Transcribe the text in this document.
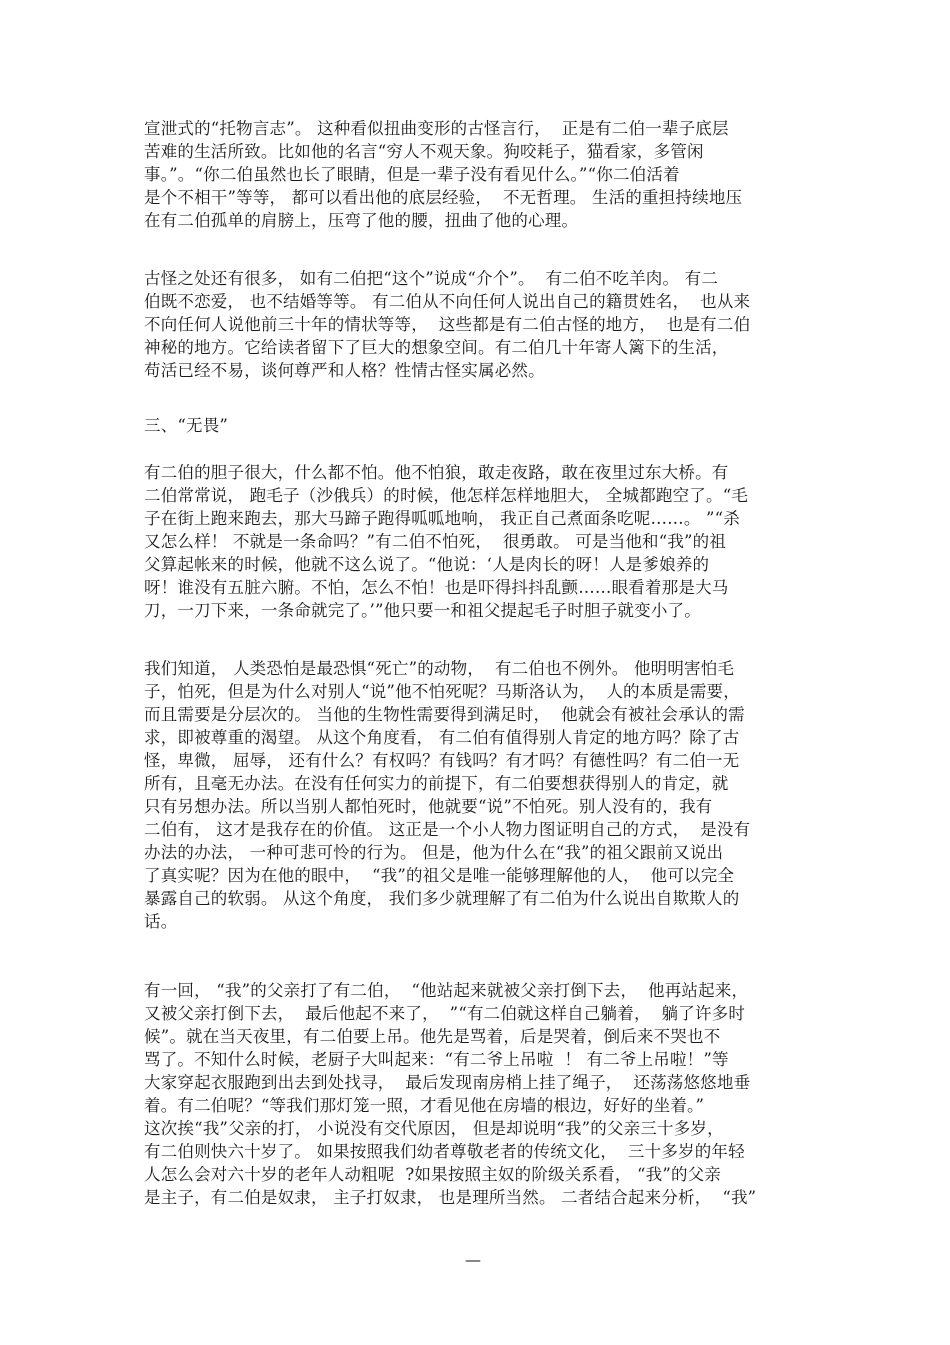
宣泄式的“托物言志”。 这种看似扭曲变形的古怪言行，  正是有二伯一辈子底层
苦难的生活所致。比如他的名言“穷人不观天象。狗咬耗子，猫看家，多管闲
事。”。“你二伯虽然也长了眼睛，但是一辈子没有看见什么。”“你二伯活着
是个不相干”等等， 都可以看出他的底层经验，  不无哲理。 生活的重担持续地压
在有二伯孤单的肩膀上，压弯了他的腰，扭曲了他的心理。
古怪之处还有很多， 如有二伯把“这个”说成“介个”。  有二伯不吃羊肉。 有二
伯既不恋爱， 也不结婚等等。 有二伯从不向任何人说出自己的籍贯姓名，  也从来
不向任何人说他前三十年的情状等等，  这些都是有二伯古怪的地方，  也是有二伯
神秘的地方。它给读者留下了巨大的想象空间。有二伯几十年寄人篱下的生活，
苟活已经不易，谈何尊严和人格？性情古怪实属必然。
三、“无畏”
有二伯的胆子很大，什么都不怕。他不怕狼，敢走夜路，敢在夜里过东大桥。有
二伯常常说， 跑毛子（沙俄兵）的时候，他怎样怎样地胆大， 全城都跑空了。“毛
子在街上跑来跑去，那大马蹄子跑得呱呱地响， 我正自己煮面条吃呢……。 ”“杀
又怎么样！ 不就是一条命吗？”有二伯不怕死，  很勇敢。 可是当他和“我”的祖
父算起帐来的时候，他就不这么说了。“他说：‘人是肉长的呀！人是爹娘养的
呀！谁没有五脏六腑。不怕，怎么不怕！也是吓得抖抖乱颤……眼看着那是大马
刀，一刀下来，一条命就完了。’”他只要一和祖父提起毛子时胆子就变小了。
我们知道， 人类恐怕是最恐惧“死亡”的动物，  有二伯也不例外。 他明明害怕毛
子，怕死，但是为什么对别人“说”他不怕死呢？马斯洛认为，  人的本质是需要，
而且需要是分层次的。 当他的生物性需要得到满足时，  他就会有被社会承认的需
求，即被尊重的渴望。 从这个角度看， 有二伯有值得别人肯定的地方吗？除了古
怪，卑微， 屈辱， 还有什么？有权吗？有钱吗？有才吗？有德性吗？有二伯一无
所有，且毫无办法。在没有任何实力的前提下，有二伯要想获得别人的肯定，就
只有另想办法。所以当别人都怕死时，他就要“说”不怕死。别人没有的，我有
二伯有， 这才是我存在的价值。 这正是一个小人物力图证明自己的方式，  是没有
办法的办法， 一种可悲可怜的行为。 但是，他为什么在“我”的祖父跟前又说出
了真实呢？因为在他的眼中，  “我”的祖父是唯一能够理解他的人，  他可以完全
暴露自己的软弱。 从这个角度， 我们多少就理解了有二伯为什么说出自欺欺人的
话。
有一回， “我”的父亲打了有二伯，  “他站起来就被父亲打倒下去，  他再站起来，
又被父亲打倒下去，  最后他起不来了，  ”“有二伯就这样自己躺着，  躺了许多时
候”。就在当天夜里，有二伯要上吊。他先是骂着，后是哭着，倒后来不哭也不
骂了。不知什么时候，老厨子大叫起来：“有二爷上吊啦  ！ 有二爷上吊啦！”等
大家穿起衣服跑到出去到处找寻，  最后发现南房梢上挂了绳子，  还荡荡悠悠地垂
着。有二伯呢？“等我们那灯笼一照，才看见他在房墙的根边，好好的坐着。”
这次挨“我”父亲的打， 小说没有交代原因， 但是却说明“我”的父亲三十多岁，
有二伯则快六十岁了。 如果按照我们幼者尊敬老者的传统文化，  三十多岁的年轻
人怎么会对六十岁的老年人动粗呢  ?如果按照主奴的阶级关系看， “我”的父亲
是主子，有二伯是奴隶， 主子打奴隶， 也是理所当然。 二者结合起来分析，  “我”
—
